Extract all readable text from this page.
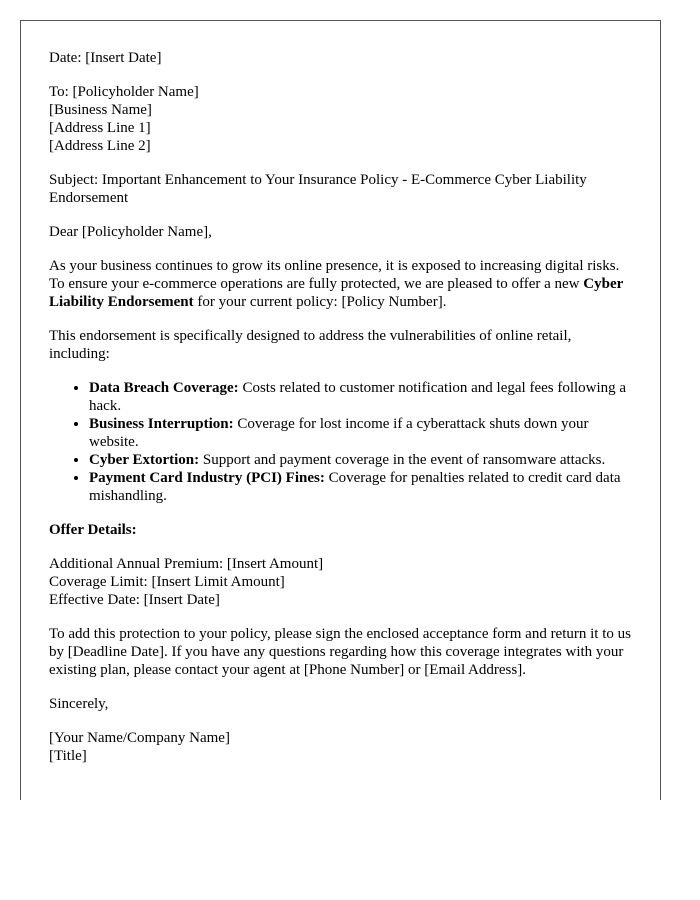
Date: [Insert Date]

To: [Policyholder Name]
[Business Name]
[Address Line 1]
[Address Line 2]

Subject: Important Enhancement to Your Insurance Policy - E-Commerce Cyber Liability Endorsement

Dear [Policyholder Name],

As your business continues to grow its online presence, it is exposed to increasing digital risks. To ensure your e-commerce operations are fully protected, we are pleased to offer a new Cyber Liability Endorsement for your current policy: [Policy Number].

This endorsement is specifically designed to address the vulnerabilities of online retail, including:

• Data Breach Coverage: Costs related to customer notification and legal fees following a hack.
• Business Interruption: Coverage for lost income if a cyberattack shuts down your website.
• Cyber Extortion: Support and payment coverage in the event of ransomware attacks.
• Payment Card Industry (PCI) Fines: Coverage for penalties related to credit card data mishandling.
Offer Details:
Additional Annual Premium: [Insert Amount]
Coverage Limit: [Insert Limit Amount]
Effective Date: [Insert Date]

To add this protection to your policy, please sign the enclosed acceptance form and return it to us by [Deadline Date]. If you have any questions regarding how this coverage integrates with your existing plan, please contact your agent at [Phone Number] or [Email Address].

Sincerely,

[Your Name/Company Name]
[Title]
